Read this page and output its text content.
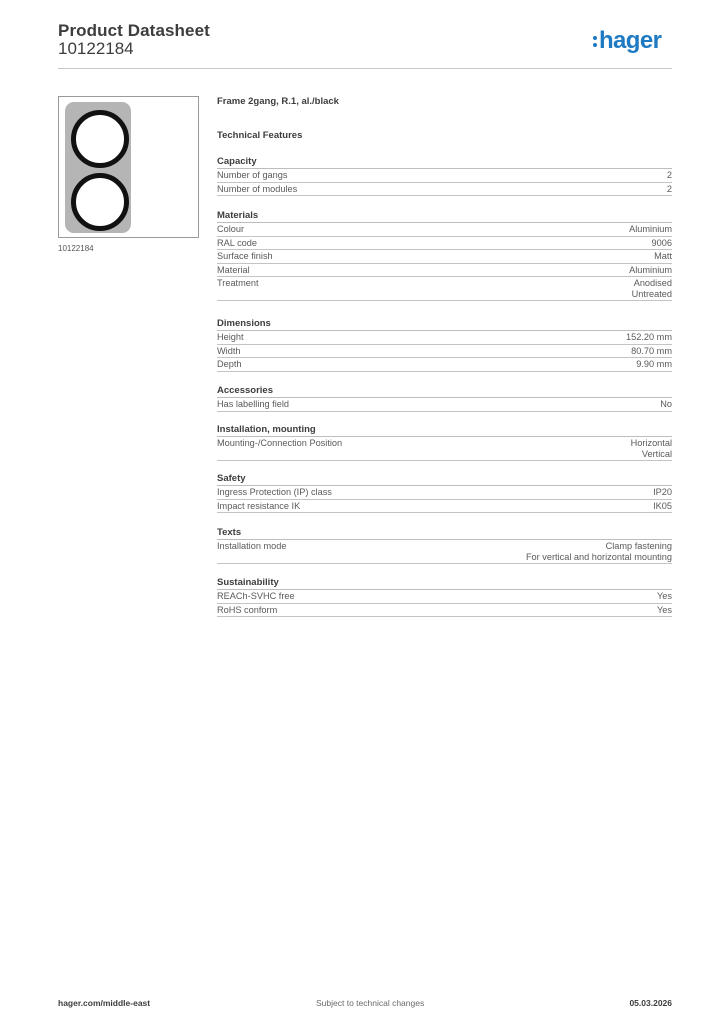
Product Datasheet
10122184	hager
10122184
Frame 2gang, R.1, al./black
Technical Features
Capacity
Number of gangs	2
Number of modules	2
Materials
Colour	Aluminium
RAL code	9006
Surface finish	Matt
Material	Aluminium
Treatment	Anodised
Untreated
Dimensions
Height	152.20 mm
Width	80.70 mm
Depth	9.90 mm
Accessories
Has labelling field	No
Installation, mounting
Mounting-/Connection Position	Horizontal
Vertical
Safety
Ingress Protection (IP) class	IP20
Impact resistance IK	IK05
Texts
Installation mode	Clamp fastening
For vertical and horizontal mounting
Sustainability
REACh-SVHC free	Yes
RoHS conform	Yes
hager.com/middle-east	Subject to technical changes	05.03.2026
